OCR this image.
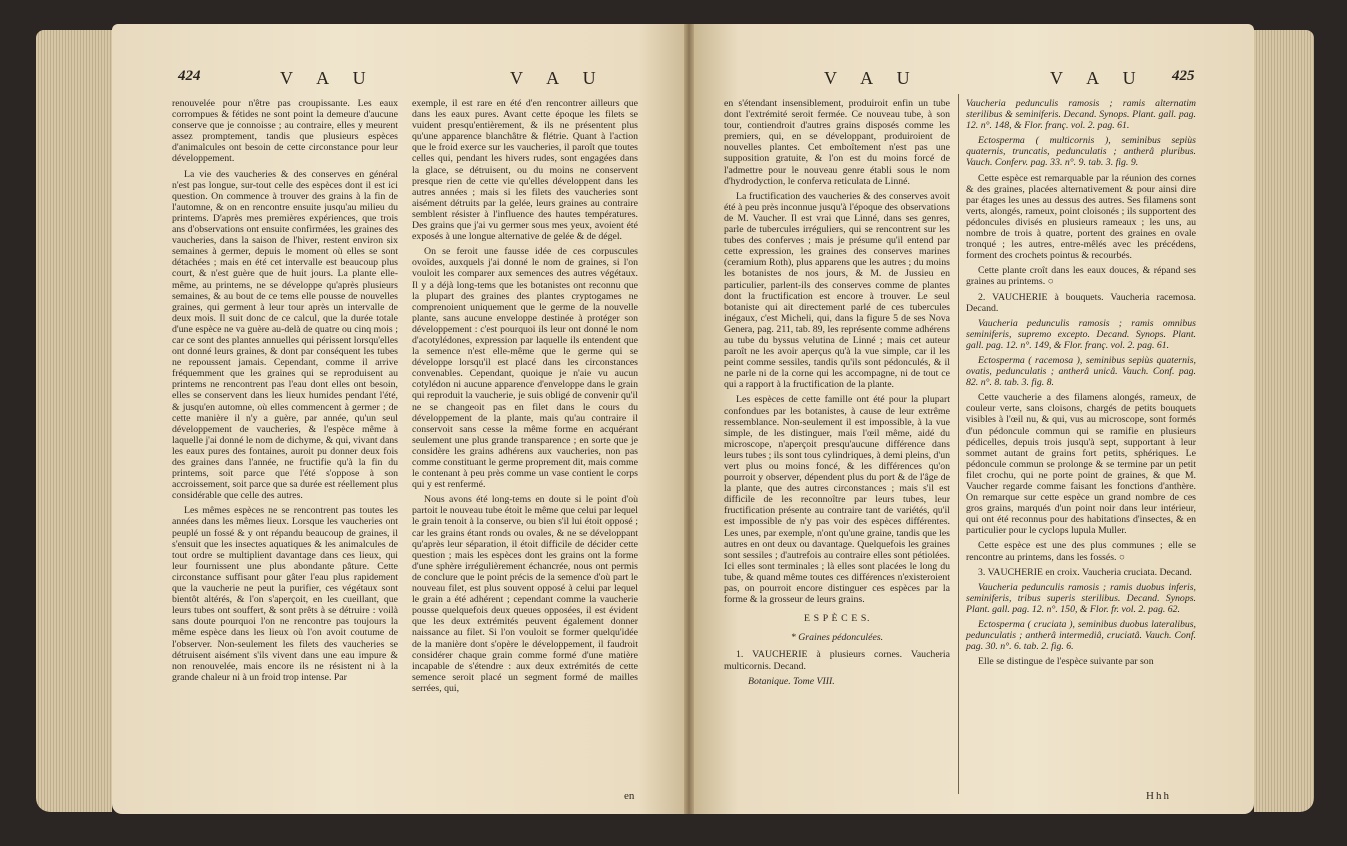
424	V A U	V A U

renouvelée pour n'être pas croupissante. Les eaux corrompues & fétides ne sont point la demeure d'aucune conserve que je connoisse ; au contraire, elles y meurent assez promptement, tandis que plusieurs espèces d'animalcules ont besoin de cette circonstance pour leur développement.

La vie des vaucheries & des conserves en général n'est pas longue, sur-tout celle des espèces dont il est ici question. On commence à trouver des grains à la fin de l'automne, & on en rencontre ensuite jusqu'au milieu du printems. D'après mes premières expériences, que trois ans d'observations ont ensuite confirmées, les graines des vaucheries, dans la saison de l'hiver, restent environ six semaines à germer, depuis le moment où elles se sont détachées ; mais en été cet intervalle est beaucoup plus court, & n'est guère que de huit jours. La plante elle-même, au printems, ne se développe qu'après plusieurs semaines, & au bout de ce tems elle pousse de nouvelles graines, qui germent à leur tour après un intervalle de deux mois. Il suit donc de ce calcul, que la durée totale d'une espèce ne va guère au-delà de quatre ou cinq mois ; car ce sont des plantes annuelles qui périssent lorsqu'elles ont donné leurs graines, & dont par conséquent les tubes ne repoussent jamais. Cependant, comme il arrive fréquemment que les graines qui se reproduisent au printems ne rencontrent pas l'eau dont elles ont besoin, elles se conservent dans les lieux humides pendant l'été, & jusqu'en automne, où elles commencent à germer ; de cette manière il n'y a guère, par année, qu'un seul développement de vaucheries, & l'espèce même à laquelle j'ai donné le nom de dichyme, & qui, vivant dans les eaux pures des fontaines, auroit pu donner deux fois des graines dans l'année, ne fructifie qu'à la fin du printems, soit parce que l'été s'oppose à son accroissement, soit parce que sa durée est réellement plus considérable que celle des autres.

Les mêmes espèces ne se rencontrent pas toutes les années dans les mêmes lieux. Lorsque les vaucheries ont peuplé un fossé & y ont répandu beaucoup de graines, il s'ensuit que les insectes aquatiques & les animalcules de tout ordre se multiplient davantage dans ces lieux, qui leur fournissent une plus abondante pâture. Cette circonstance suffisant pour gâter l'eau plus rapidement que la vaucherie ne peut la purifier, ces végétaux sont bientôt altérés, & l'on s'aperçoit, en les cueillant, que leurs tubes ont souffert, & sont prêts à se détruire : voilà sans doute pourquoi l'on ne rencontre pas toujours la même espèce dans les lieux où l'on avoit coutume de l'observer. Non-seulement les filets des vaucheries se détruisent aisément s'ils vivent dans une eau impure & non renouvelée, mais encore ils ne résistent ni à la grande chaleur ni à un froid trop intense. Par

exemple, il est rare en été d'en rencontrer ailleurs que dans les eaux pures. Avant cette époque les filets se vuident presqu'entièrement, & ils ne présentent plus qu'une apparence blanchâtre & flétrie. Quant à l'action que le froid exerce sur les vaucheries, il paroît que toutes celles qui, pendant les hivers rudes, sont engagées dans la glace, se détruisent, ou du moins ne conservent presque rien de cette vie qu'elles développent dans les autres années ; mais si les filets des vaucheries sont aisément détruits par la gelée, leurs graines au contraire semblent résister à l'influence des hautes températures. Des grains que j'ai vu germer sous mes yeux, avoient été exposés à une longue alternative de gelée & de dégel.

On se feroit une fausse idée de ces corpuscules ovoïdes, auxquels j'ai donné le nom de graines, si l'on vouloit les comparer aux semences des autres végétaux. Il y a déjà long-tems que les botanistes ont reconnu que la plupart des graines des plantes cryptogames ne comprenoient uniquement que le germe de la nouvelle plante, sans aucune enveloppe destinée à protéger son développement : c'est pourquoi ils leur ont donné le nom d'acotylédones, expression par laquelle ils entendent que la semence n'est elle-même que le germe qui se développe lorsqu'il est placé dans les circonstances convenables. Cependant, quoique je n'aie vu aucun cotylédon ni aucune apparence d'enveloppe dans le grain qui reproduit la vaucherie, je suis obligé de convenir qu'il ne se changeoit pas en filet dans le cours du développement de la plante, mais qu'au contraire il conservoit sans cesse la même forme en acquérant seulement une plus grande transparence ; en sorte que je considère les grains adhérens aux vaucheries, non pas comme constituant le germe proprement dit, mais comme le contenant à peu près comme un vase contient le corps qui y est renfermé.

Nous avons été long-tems en doute si le point d'où partoit le nouveau tube étoit le même que celui par lequel le grain tenoit à la conserve, ou bien s'il lui étoit opposé ; car les grains étant ronds ou ovales, & ne se développant qu'après leur séparation, il étoit difficile de décider cette question ; mais les espèces dont les grains ont la forme d'une sphère irrégulièrement échancrée, nous ont permis de conclure que le point précis de la semence d'où part le nouveau filet, est plus souvent opposé à celui par lequel le grain a été adhérent ; cependant comme la vaucherie pousse quelquefois deux queues opposées, il est évident que les deux extrémités peuvent également donner naissance au filet. Si l'on vouloit se former quelqu'idée de la manière dont s'opère le développement, il faudroit considérer chaque grain comme formé d'une matière incapable de s'étendre : aux deux extrémités de cette semence seroit placé un segment formé de mailles serrées, qui,

en
V A U	V A U 425

en s'étendant insensiblement, produiroit enfin un tube dont l'extrémité seroit fermée. Ce nouveau tube, à son tour, contiendroit d'autres grains disposés comme les premiers, qui, en se développant, produiroient de nouvelles plantes. Cet emboîtement n'est pas une supposition gratuite, & l'on est du moins forcé de l'admettre pour le nouveau genre établi sous le nom d'hydrodyction, le conferva reticulata de Linné.

La fructification des vaucheries & des conserves avoit été à peu près inconnue jusqu'à l'époque des observations de M. Vaucher. Il est vrai que Linné, dans ses genres, parle de tubercules irréguliers, qui se rencontrent sur les tubes des conferves ; mais je présume qu'il entend par cette expression, les graines des conserves marines (ceramium Roth), plus apparens que les autres ; du moins les botanistes de nos jours, & M. de Jussieu en particulier, parlent-ils des conserves comme de plantes dont la fructification est encore à trouver. Le seul botaniste qui ait directement parlé de ces tubercules inégaux, c'est Micheli, qui, dans la figure 5 de ses Nova Genera, pag. 211, tab. 89, les représente comme adhérens au tube du byssus velutina de Linné ; mais cet auteur paroît ne les avoir aperçus qu'à la vue simple, car il les peint comme sessiles, tandis qu'ils sont pédonculés, & il ne parle ni de la corne qui les accompagne, ni de tout ce qui a rapport à la fructification de la plante.

Les espèces de cette famille ont été pour la plupart confondues par les botanistes, à cause de leur extrême ressemblance. Non-seulement il est impossible, à la vue simple, de les distinguer, mais l'œil même, aidé du microscope, n'aperçoit presqu'aucune différence dans leurs tubes ; ils sont tous cylindriques, à demi pleins, d'un vert plus ou moins foncé, & les différences qu'on pourroit y observer, dépendent plus du port & de l'âge de la plante, que des autres circonstances ; mais s'il est difficile de les reconnoître par leurs tubes, leur fructification présente au contraire tant de variétés, qu'il est impossible de n'y pas voir des espèces différentes. Les unes, par exemple, n'ont qu'une graine, tandis que les autres en ont deux ou davantage. Quelquefois les graines sont sessiles ; d'autrefois au contraire elles sont pétiolées. Ici elles sont terminales ; là elles sont placées le long du tube, & quand même toutes ces différences n'existeroient pas, on pourroit encore distinguer ces espèces par la forme & la grosseur de leurs grains.

E S P È C E S.

* Graines pédonculées.

1. VAUCHERIE à plusieurs cornes. Vaucheria multicornis. Decand.

Botanique. Tome VIII.

Vaucheria pedunculis ramosis ; ramis alternatim sterilibus & seminiferis. Decand. Synops. Plant. gall. pag. 12. n°. 148, & Flor. franç. vol. 2. pag. 61.

Ectosperma ( multicornis ), seminibus sepiùs quaternis, truncatis, pedunculatis ; antherâ pluribus. Vauch. Conferv. pag. 33. n°. 9. tab. 3. fig. 9.

Cette espèce est remarquable par la réunion des cornes & des graines, placées alternativement & pour ainsi dire par étages les unes au dessus des autres. Ses filamens sont verts, alongés, rameux, point cloisonés ; ils supportent des pédoncules divisés en plusieurs rameaux ; les uns, au nombre de trois à quatre, portent des graines en ovale tronqué ; les autres, entre-mêlés avec les précédens, forment des crochets pointus & recourbés.

Cette plante croît dans les eaux douces, & répand ses graines au printems. ○

2. VAUCHERIE à bouquets. Vaucheria racemosa. Decand.

Vaucheria pedunculis ramosis ; ramis omnibus seminiferis, supremo excepto. Decand. Synops. Plant. gall. pag. 12. n°. 149, & Flor. franç. vol. 2. pag. 61.

Ectosperma ( racemosa ), seminibus sepiùs quaternis, ovatis, pedunculatis ; antherâ unicâ. Vauch. Conf. pag. 82. n°. 8. tab. 3. fig. 8.

Cette vaucherie a des filamens alongés, rameux, de couleur verte, sans cloisons, chargés de petits bouquets visibles à l'œil nu, & qui, vus au microscope, sont formés d'un pédoncule commun qui se ramifie en plusieurs pédicelles, depuis trois jusqu'à sept, supportant à leur sommet autant de grains fort petits, sphériques. Le pédoncule commun se prolonge & se termine par un petit filet crochu, qui ne porte point de graines, & que M. Vaucher regarde comme faisant les fonctions d'anthère. On remarque sur cette espèce un grand nombre de ces gros grains, marqués d'un point noir dans leur intérieur, qui ont été reconnus pour des habitations d'insectes, & en particulier pour le cyclops lupula Muller.

Cette espèce est une des plus communes ; elle se rencontre au printems, dans les fossés. ○

3. VAUCHERIE en croix. Vaucheria cruciata. Decand.

Vaucheria pedunculis ramosis ; ramis duobus inferis, seminiferis, tribus superis sterilibus. Decand. Synops. Plant. gall. pag. 12. n°. 150, & Flor. fr. vol. 2. pag. 62.

Ectosperma ( cruciata ), seminibus duobus lateralibus, pedunculatis ; antherâ intermediâ, cruciatâ. Vauch. Conf. pag. 30. n°. 6. tab. 2. fig. 6.

Elle se distingue de l'espèce suivante par son

Hhh
